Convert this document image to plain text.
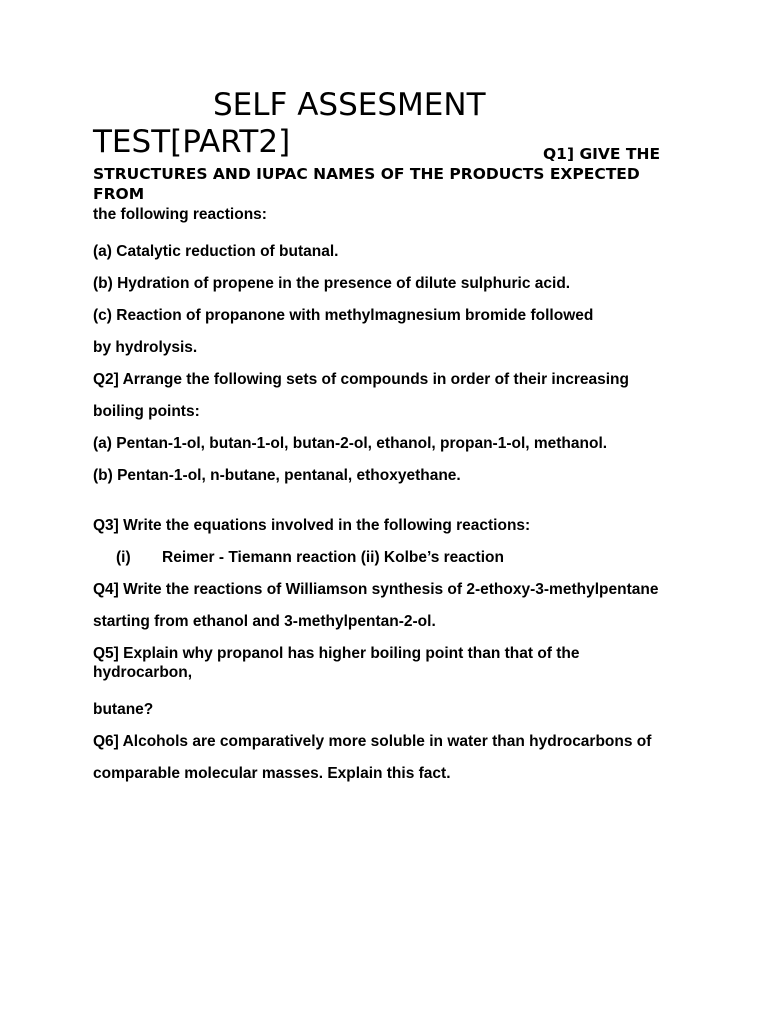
SELF ASSESMENT
TEST[PART2]	Q1] GIVE THE
STRUCTURES AND IUPAC NAMES OF THE PRODUCTS EXPECTED FROM
the following reactions:
(a) Catalytic reduction of butanal.
(b) Hydration of propene in the presence of dilute sulphuric acid.
(c) Reaction of propanone with methylmagnesium bromide followed
by hydrolysis.
Q2] Arrange the following sets of compounds in order of their increasing
boiling points:
(a) Pentan-1-ol, butan-1-ol, butan-2-ol, ethanol, propan-1-ol, methanol.
(b) Pentan-1-ol, n-butane, pentanal, ethoxyethane.
Q3] Write the equations involved in the following reactions:
(i)	Reimer - Tiemann reaction (ii) Kolbe’s reaction
Q4] Write the reactions of Williamson synthesis of 2-ethoxy-3-methylpentane
starting from ethanol and 3-methylpentan-2-ol.
Q5] Explain why propanol has higher boiling point than that of the
hydrocarbon,
butane?
Q6] Alcohols are comparatively more soluble in water than hydrocarbons of
comparable molecular masses. Explain this fact.
